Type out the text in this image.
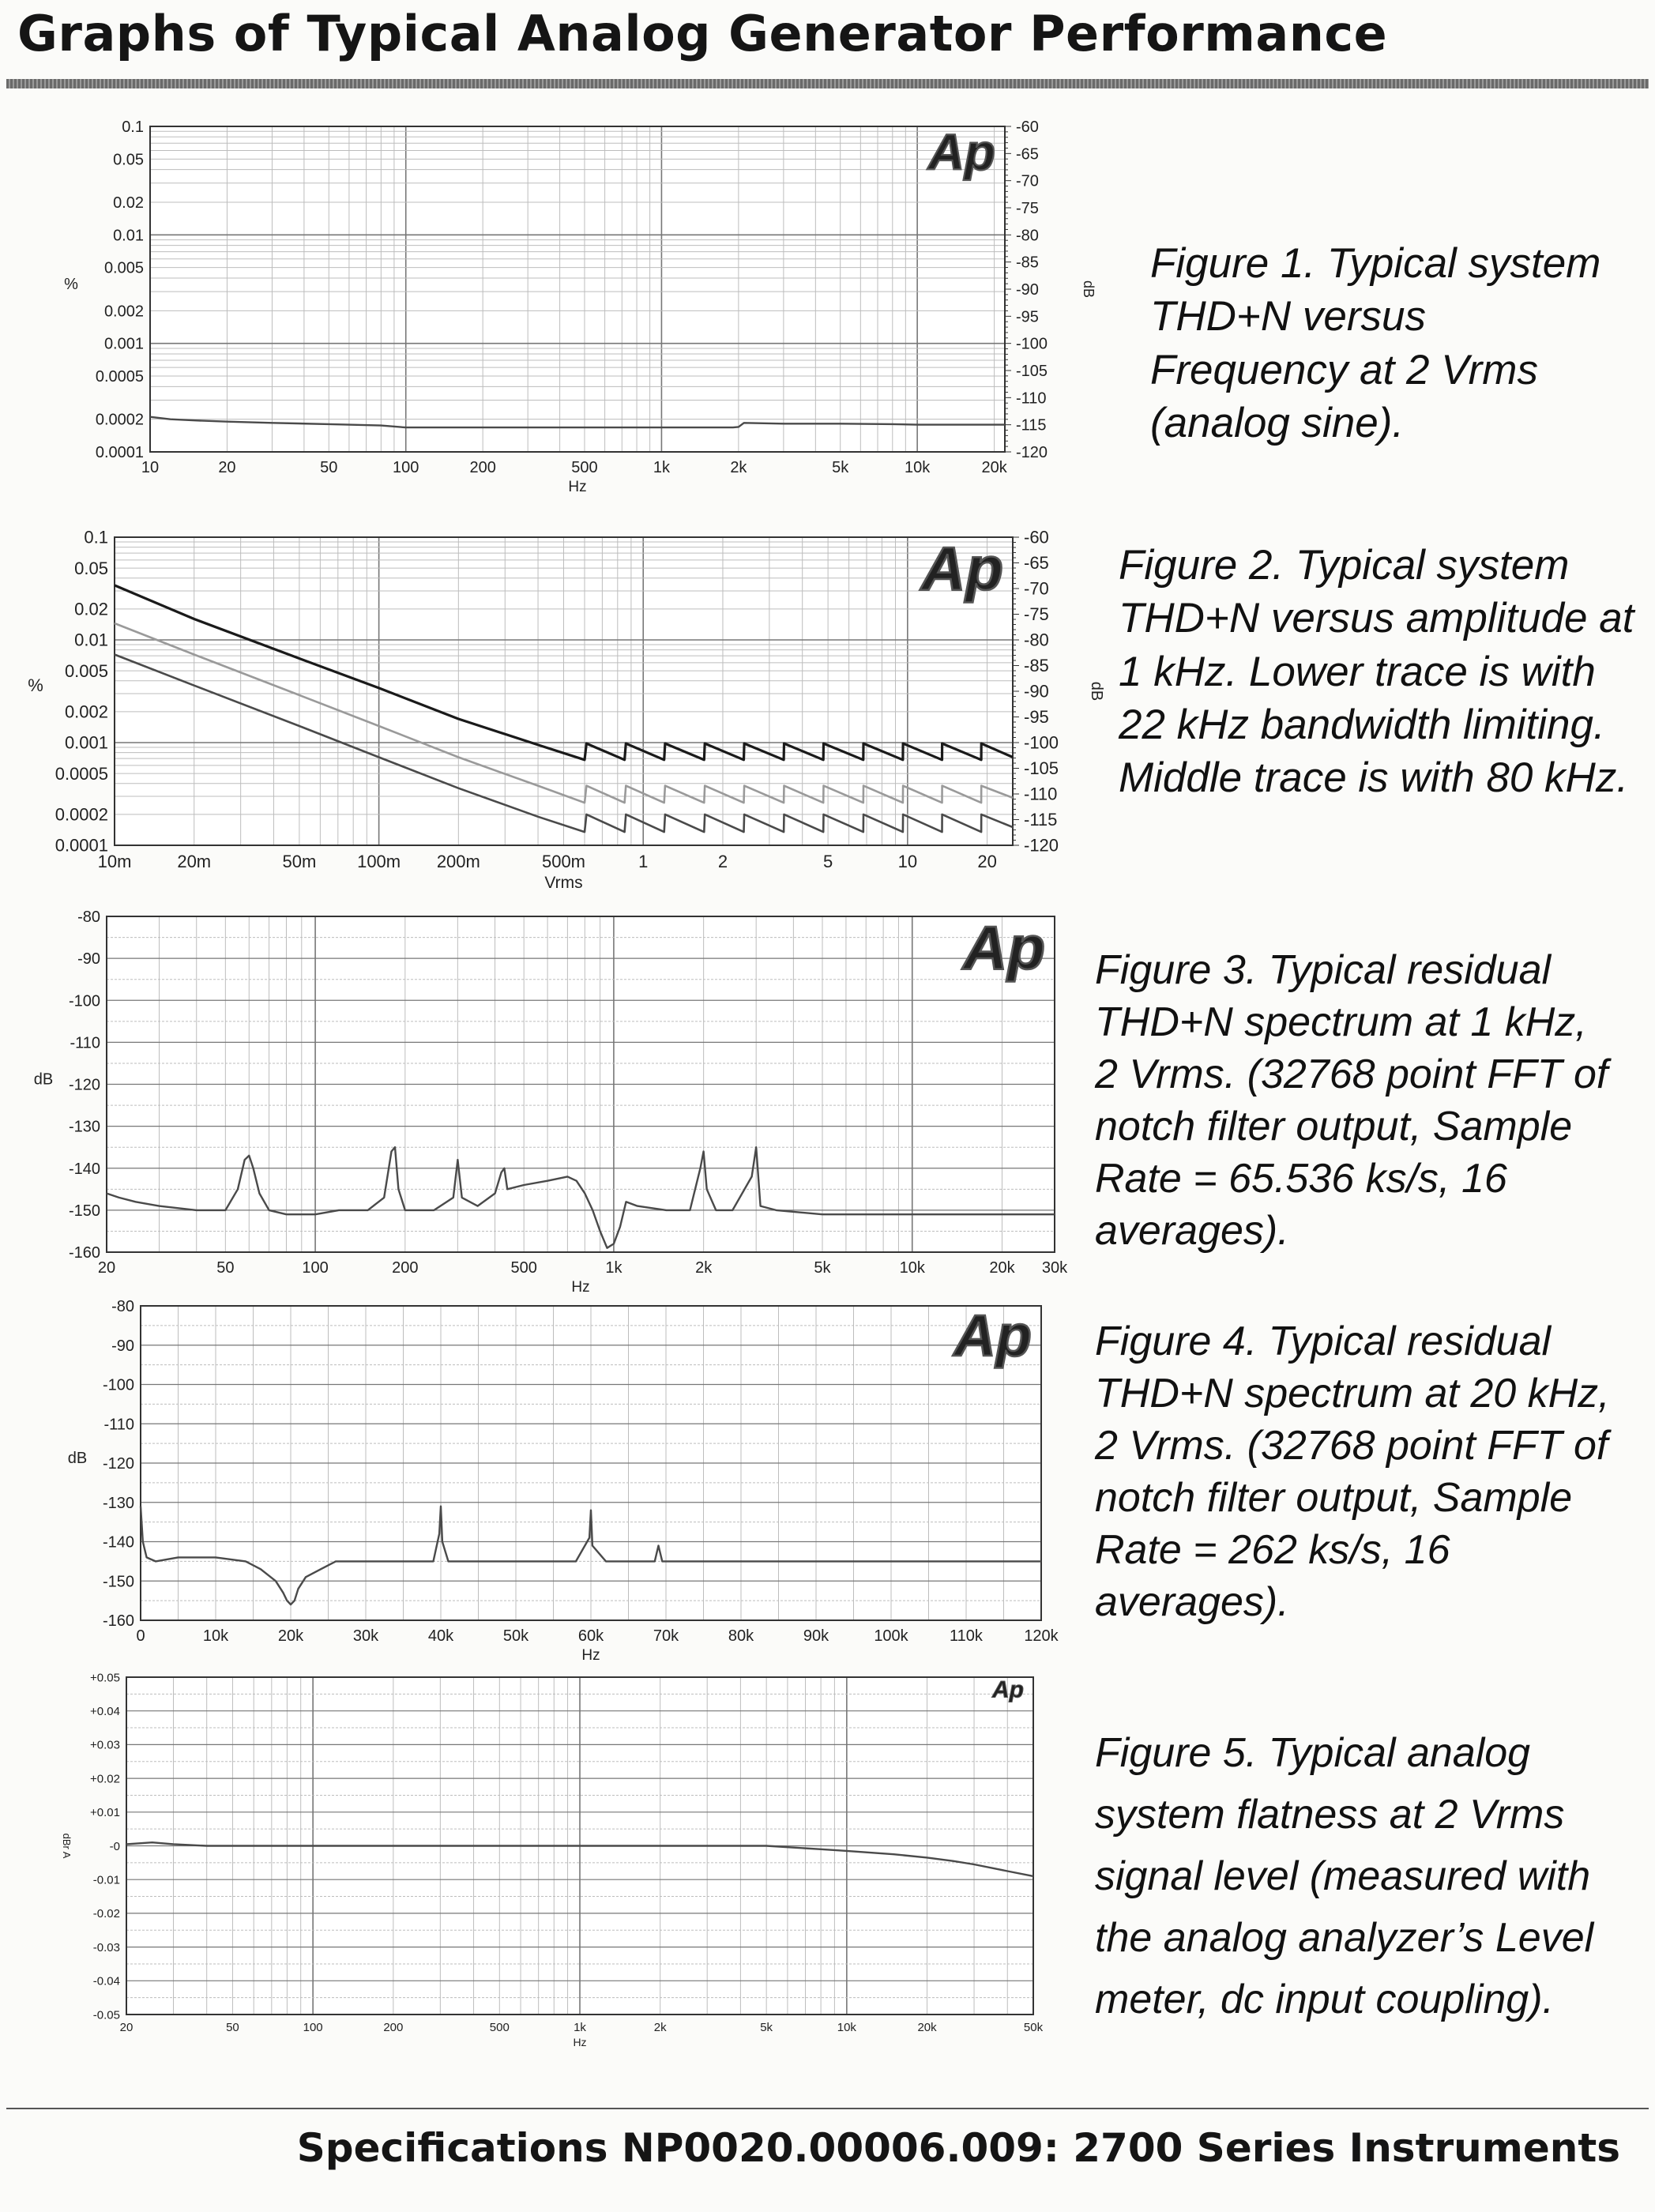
Graphs of Typical Analog Generator Performance
10	20	50	100	200	500	1k	2k	5k	10k	20k
Hz
0.1
0.05
0.02
0.01
0.005
0.002
0.001
0.0005
0.0002
0.0001
%
-60
-65
-70
-75
-80
-85
-90
-95
-100
-105
-110
-115
-120
dB
Ap
10m	20m	50m 100m 200m	500m	1	2	5	10	20
Vrms
0.1
0.05
0.02
0.01
0.005
0.002
0.001
0.0005
0.0002
0.0001
%
-60
-65
-70
-75
-80
-85
-90
-95
-100
-105
-110
-115
-120
dB
Ap
20	50	100	200	500	1k	2k	5k	10k	20k 30k
Hz
-80
-90
-100
-110
-120
-130
-140
-150
-160
dB
Ap
0	10k	20k	30k	40k	50k	60k	70k	80k	90k	100k	110k	120k
Hz
-80
-90
-100
-110
-120
-130
-140
-150
-160
dB
Ap
20	50	100	200	500	1k	2k	5k	10k	20k	50k
Hz
+0.05
+0.04
+0.03
+0.02
+0.01
-0
-0.01
-0.02
-0.03
-0.04
-0.05
dBr A
Ap
Figure 1. Typical system
THD+N versus
Frequency at 2 Vrms
(analog sine).
Figure 2. Typical system
THD+N versus amplitude at
1 kHz. Lower trace is with
22 kHz bandwidth limiting.
Middle trace is with 80 kHz.
Figure 3. Typical residual
THD+N spectrum at 1 kHz,
2 Vrms. (32768 point FFT of
notch filter output, Sample
Rate = 65.536 ks/s, 16
averages).
Figure 4. Typical residual
THD+N spectrum at 20 kHz,
2 Vrms. (32768 point FFT of
notch filter output, Sample
Rate = 262 ks/s, 16
averages).
Figure 5. Typical analog
system flatness at 2 Vrms
signal level (measured with
the analog analyzer’s Level
meter, dc input coupling).

Specifications NP0020.00006.009: 2700 Series Instruments
